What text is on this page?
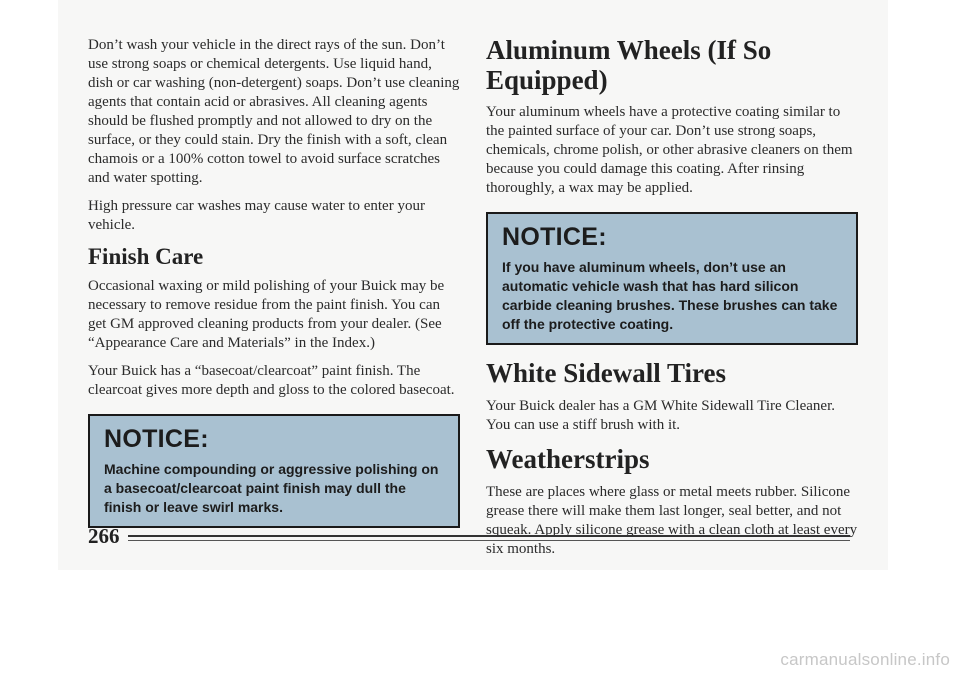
Don’t wash your vehicle in the direct rays of the sun. Don’t use strong soaps or chemical detergents. Use liquid hand, dish or car washing (non-detergent) soaps. Don’t use cleaning agents that contain acid or abrasives. All cleaning agents should be flushed promptly and not allowed to dry on the surface, or they could stain. Dry the finish with a soft, clean chamois or a 100% cotton towel to avoid surface scratches and water spotting.

High pressure car washes may cause water to enter your vehicle.

Finish Care

Occasional waxing or mild polishing of your Buick may be necessary to remove residue from the paint finish. You can get GM approved cleaning products from your dealer. (See “Appearance Care and Materials” in the Index.)

Your Buick has a “basecoat/clearcoat” paint finish. The clearcoat gives more depth and gloss to the colored basecoat.

NOTICE:
Machine compounding or aggressive polishing on a basecoat/clearcoat paint finish may dull the finish or leave swirl marks.
Aluminum Wheels (If So Equipped)

Your aluminum wheels have a protective coating similar to the painted surface of your car. Don’t use strong soaps, chemicals, chrome polish, or other abrasive cleaners on them because you could damage this coating. After rinsing thoroughly, a wax may be applied.

NOTICE:
If you have aluminum wheels, don’t use an automatic vehicle wash that has hard silicon carbide cleaning brushes. These brushes can take off the protective coating.
White Sidewall Tires

Your Buick dealer has a GM White Sidewall Tire Cleaner. You can use a stiff brush with it.

Weatherstrips

These are places where glass or metal meets rubber. Silicone grease there will make them last longer, seal better, and not squeak. Apply silicone grease with a clean cloth at least every six months.

266
carmanualsonline.info
